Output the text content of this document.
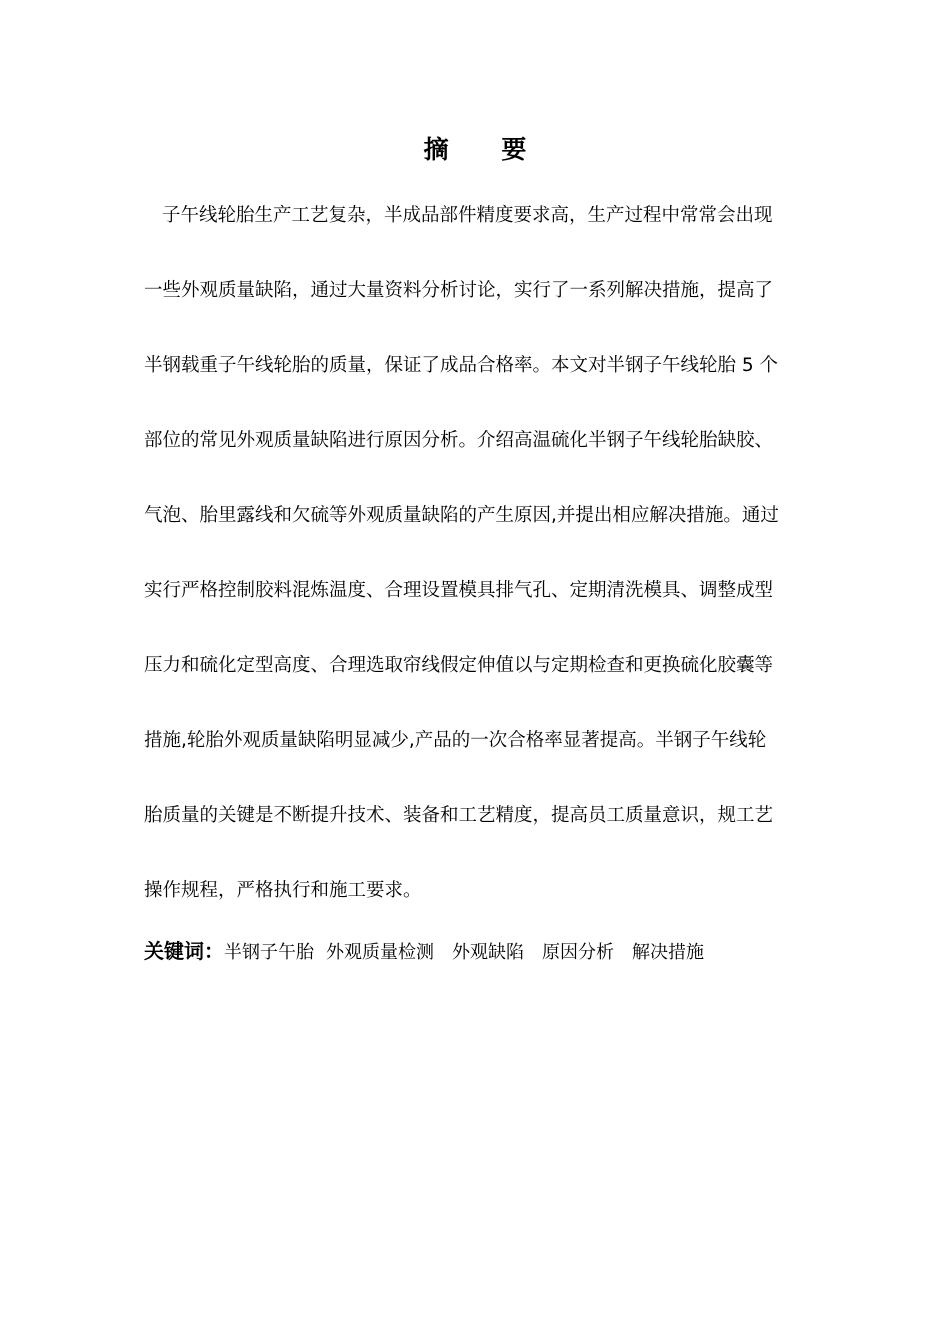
摘 要
子午线轮胎生产工艺复杂，半成品部件精度要求高，生产过程中常常会出现
一些外观质量缺陷，通过大量资料分析讨论，实行了一系列解决措施，提高了
半钢载重子午线轮胎的质量，保证了成品合格率。本文对半钢子午线轮胎 5 个
部位的常见外观质量缺陷进行原因分析。介绍高温硫化半钢子午线轮胎缺胶、
气泡、胎里露线和欠硫等外观质量缺陷的产生原因,并提出相应解决措施。通过
实行严格控制胶料混炼温度、合理设置模具排气孔、定期清洗模具、调整成型
压力和硫化定型高度、合理选取帘线假定伸值以与定期检查和更换硫化胶囊等
措施,轮胎外观质量缺陷明显减少,产品的一次合格率显著提高。半钢子午线轮
胎质量的关键是不断提升技术、装备和工艺精度，提高员工质量意识，规工艺
操作规程，严格执行和施工要求。
关键词：半钢子午胎 外观质量检测 外观缺陷 原因分析 解决措施
